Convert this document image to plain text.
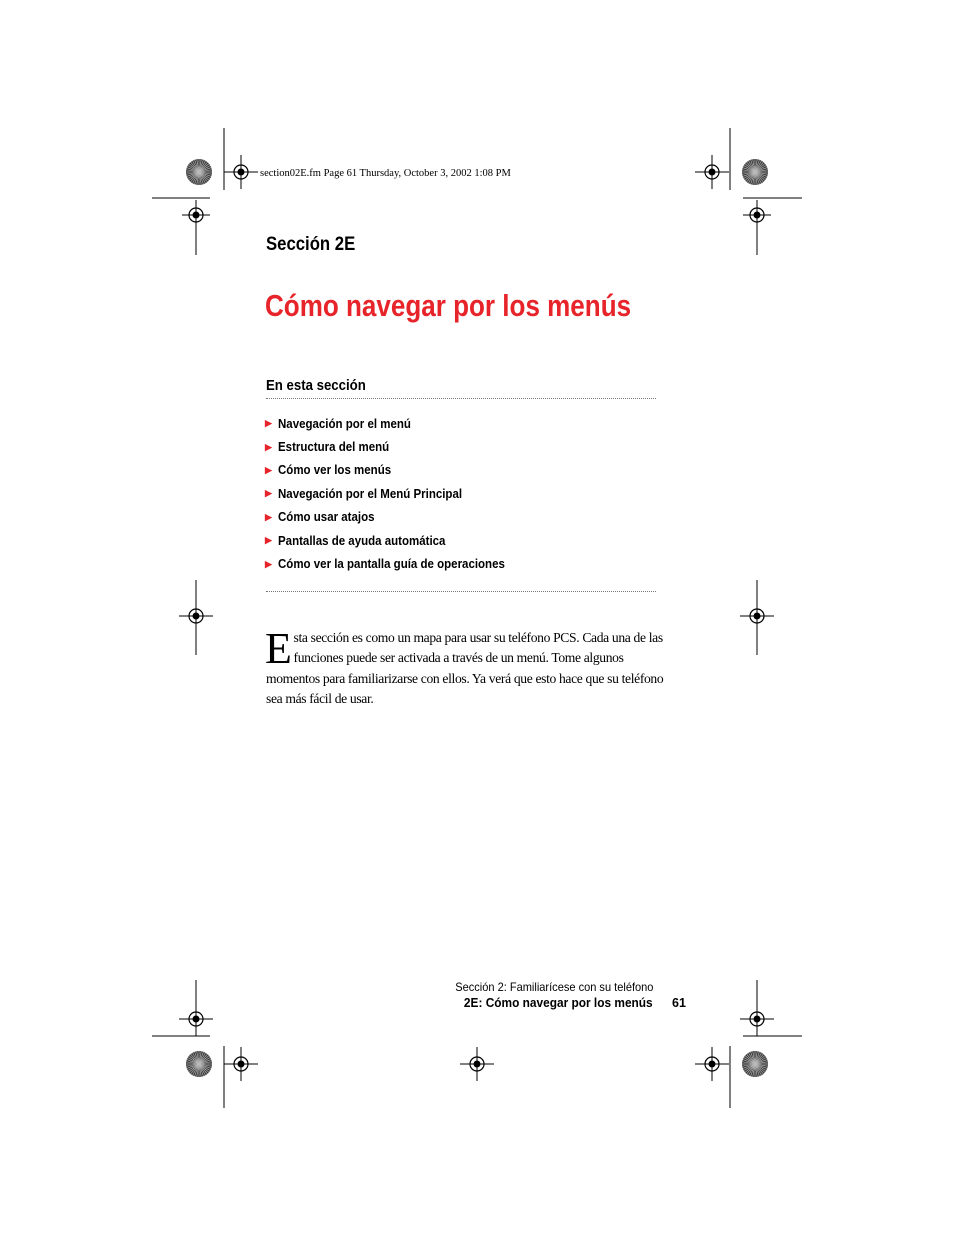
section02E.fm Page 61 Thursday, October 3, 2002 1:08 PM
Sección 2E
Cómo navegar por los menús
En esta sección
▶ Navegación por el menú
▶ Estructura del menú
▶ Cómo ver los menús
▶ Navegación por el Menú Principal
▶ Cómo usar atajos
▶ Pantallas de ayuda automática
▶ Cómo ver la pantalla guía de operaciones

Esta sección es como un mapa para usar su teléfono PCS. Cada una de las funciones puede ser activada a través de un menú. Tome algunos momentos para familiarizarse con ellos. Ya verá que esto hace que su teléfono sea más fácil de usar.

Sección 2: Familiarícese con su teléfono
2E: Cómo navegar por los menús 61
